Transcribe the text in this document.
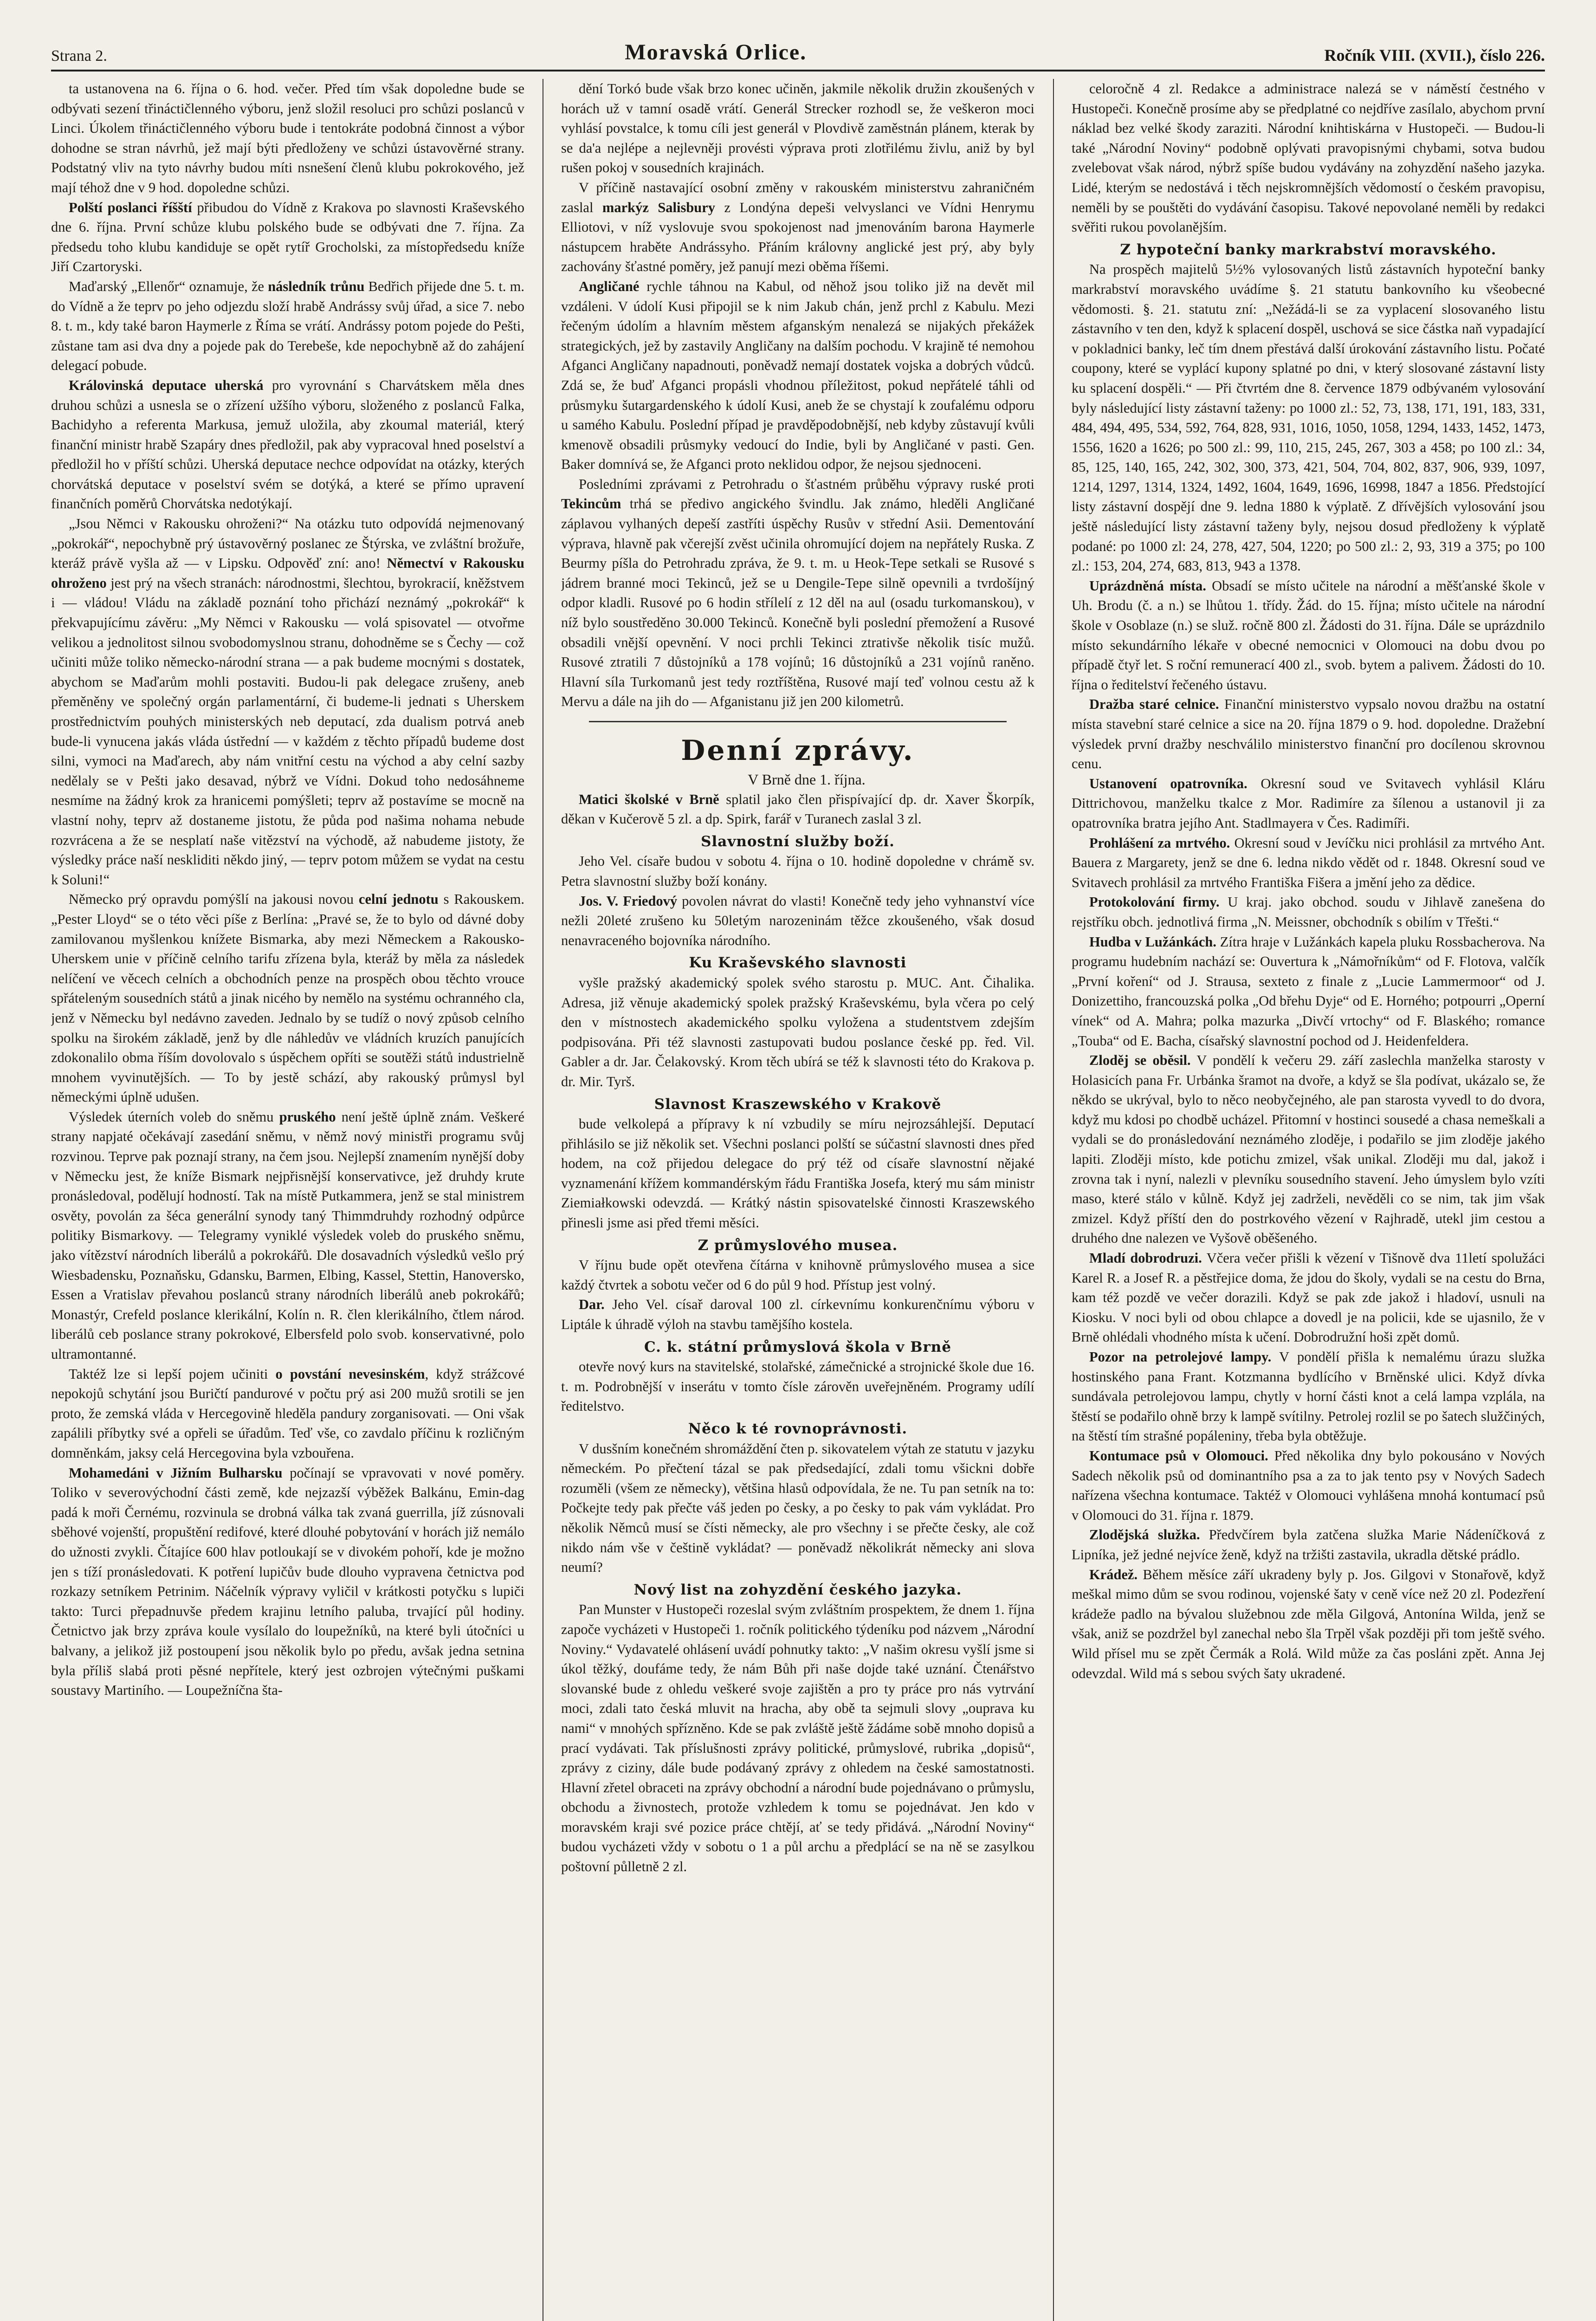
Strana 2.	Moravská Orlice.	Ročník VIII. (XVII.), číslo 226.

ta ustanovena na 6. října o 6. hod. večer. Před tím však dopoledne bude se odbývati sezení třináctičlenného výboru, jenž složil resoluci pro schůzi poslanců v Linci. Úkolem třináctičlenného výboru bude i tentokráte podobná činnost a výbor dohodne se stran návrhů, jež mají býti předloženy ve schůzi ústavověrné strany. Podstatný vliv na tyto návrhy budou míti nsnešení členů klubu pokrokového, jež mají téhož dne v 9 hod. dopoledne schůzi.

Polští poslanci říšští přibudou do Vídně z Krakova po slavnosti Kraševského dne 6. října. První schůze klubu polského bude se odbývati dne 7. října. Za předsedu toho klubu kandiduje se opět rytíř Grocholski, za místopředsedu kníže Jiří Czartoryski.

Maďarský „Ellenőr“ oznamuje, že následník trůnu Bedřich přijede dne 5. t. m. do Vídně a že teprv po jeho odjezdu složí hrabě Andrássy svůj úřad, a sice 7. nebo 8. t. m., kdy také baron Haymerle z Říma se vrátí. Andrássy potom pojede do Pešti, zůstane tam asi dva dny a pojede pak do Terebeše, kde nepochybně až do zahájení delegací pobude.

Královinská deputace uherská pro vyrovnání s Charvátskem měla dnes druhou schůzi a usnesla se o zřízení užšího výboru, složeného z poslanců Falka, Bachidyho a referenta Markusa, jemuž uložila, aby zkoumal materiál, který finanční ministr hrabě Szapáry dnes předložil, pak aby vypracoval hned poselství a předložil ho v příští schůzi. Uherská deputace nechce odpovídat na otázky, kterých chorvátská deputace v poselství svém se dotýká, a které se přímo upravení finančních poměrů Chorvátska nedotýkají.

„Jsou Němci v Rakousku ohroženi?“ Na otázku tuto odpovídá nejmenovaný „pokrokář“, nepochybně prý ústavověrný poslanec ze Štýrska, ve zvláštní brožuře, kteráž právě vyšla až — v Lipsku. Odpověď zní: ano! Němectví v Rakousku ohroženo jest prý na všech stranách: národnostmi, šlechtou, byrokracií, kněžstvem i — vládou! Vládu na základě poznání toho přichází neznámý „pokrokář“ k překvapujícímu závěru: „My Němci v Rakousku — volá spisovatel — otvořme velikou a jednolitost silnou svobodomyslnou stranu, dohodněme se s Čechy — což učiniti může toliko německo-národní strana — a pak budeme mocnými s dostatek, abychom se Maďarům mohli postaviti. Budou-li pak delegace zrušeny, aneb přeměněny ve společný orgán parlamentární, či budeme-li jednati s Uherskem prostřednictvím pouhých ministerských neb deputací, zda dualism potrvá aneb bude-li vynucena jakás vláda ústřední — v každém z těchto případů budeme dost silni, vymoci na Maďarech, aby nám vnitřní cestu na východ a aby celní sazby nedělaly se v Pešti jako desavad, nýbrž ve Vídni. Dokud toho nedosáhneme nesmíme na žádný krok za hranicemi pomýšleti; teprv až postavíme se mocně na vlastní nohy, teprv až dostaneme jistotu, že půda pod našima nohama nebude rozvrácena a že se nesplatí naše vitězství na východě, až nabudeme jistoty, že výsledky práce naší neskliditi někdo jiný, — teprv potom můžem se vydat na cestu k Soluni!“

Německo prý opravdu pomýšlí na jakousi novou celní jednotu s Rakouskem. „Pester Lloyd“ se o této věci píše z Berlína: „Pravé se, že to bylo od dávné doby zamilovanou myšlenkou knížete Bismarka, aby mezi Německem a Rakousko-Uherskem unie v příčině celního tarifu zřízena byla, kteráž by měla za následek nelíčení ve věcech celních a obchodních penze na prospěch obou těchto vrouce spřáteleným sousedních států a jinak nicého by nemělo na systému ochranného cla, jenž v Německu byl nedávno zaveden. Jednalo by se tudíž o nový způsob celního spolku na širokém základě, jenž by dle náhledův ve vládních kruzích panujících zdokonalilo obma říším dovolovalo s úspěchem opříti se soutěži států industrielně mnohem vyvinutějších. — To by jestě schází, aby rakouský průmysl byl německými úplně udušen.

Výsledek úterních voleb do sněmu pruského není ještě úplně znám. Veškeré strany napjaté očekávají zasedání sněmu, v němž nový ministři programu svůj rozvinou. Teprve pak poznají strany, na čem jsou. Nejlepší znamením nynější doby v Německu jest, že kníže Bismark nejpřisnější konservativce, jež druhdy krute pronásledoval, podělují hodností. Tak na místě Putkammera, jenž se stal ministrem osvěty, povolán za šéca generální synody taný Thimmdruhdy rozhodný odpůrce politiky Bismarkovy. — Telegramy vyniklé výsledek voleb do pruského sněmu, jako vítězství národních liberálů a pokrokářů. Dle dosavadních výsledků vešlo prý Wiesbadensku, Poznaňsku, Gdansku, Barmen, Elbing, Kassel, Stettin, Hanoversko, Essen a Vratislav převahou poslanců strany národních liberálů aneb pokrokářů; Monastýr, Crefeld poslance klerikální, Kolín n. R. člen klerikálního, čtlem národ. liberálů ceb poslance strany pokrokové, Elbersfeld polo svob. konservativné, polo ultramontanné.

Taktéž lze si lepší pojem učiniti o povstání nevesinském, když strážcové nepokojů schytání jsou Buričtí pandurové v počtu prý asi 200 mužů srotili se jen proto, že zemská vláda v Hercegovině hleděla pandury zorganisovati. — Oni však zapálili příbytky své a opřeli se úřadům. Teď vše, co zavdalo příčinu k rozličným domněnkám, jaksy celá Hercegovina byla vzbouřena.

Mohamedáni v Jižním Bulharsku počínají se vpravovati v nové poměry. Toliko v severovýchodní části země, kde nejzazší výběžek Balkánu, Emin-dag padá k moři Černému, rozvinula se drobná válka tak zvaná guerrilla, jíž zúsnovali sběhové vojenští, propuštění redifové, které dlouhé pobytování v horách již nemálo do užnosti zvykli. Čítajíce 600 hlav potloukají se v divokém pohoří, kde je možno jen s tíží pronásledovati. K potření lupičův bude dlouho vypravena četnictva pod rozkazy setníkem Petrinim. Náčelník výpravy vyličil v krátkosti potyčku s lupiči takto: Turci přepadnuvše předem krajinu letního paluba, trvající půl hodiny. Četnictvo jak brzy zpráva koule vysílalo do loupežníků, na které byli útočníci u balvany, a jelikož již postoupení jsou několik bylo po předu, avšak jedna setnina byla příliš slabá proti pěsné nepřítele, který jest ozbrojen výtečnými puškami soustavy Martiního. — Loupežníčna šta-

dění Torkó bude však brzo konec učiněn, jakmile několik družin zkoušených v horách už v tamní osadě vrátí. Generál Strecker rozhodl se, že veškeron moci vyhlásí povstalce, k tomu cíli jest generál v Plovdivě zaměstnán plánem, kterak by se da'a nejlépe a nejlevněji provésti výprava proti zlotřilému živlu, aniž by byl rušen pokoj v sousedních krajinách.

V příčině nastavající osobní změny v rakouském ministerstvu zahraničném zaslal markýz Salisbury z Londýna depeši velvyslanci ve Vídni Henrymu Elliotovi, v níž vyslovuje svou spokojenost nad jmenováním barona Haymerle nástupcem hraběte Andrássyho. Přáním královny anglické jest prý, aby byly zachovány šťastné poměry, jež panují mezi oběma říšemi.

Angličané rychle táhnou na Kabul, od něhož jsou toliko již na devět mil vzdáleni. V údolí Kusi připojil se k nim Jakub chán, jenž prchl z Kabulu. Mezi řečeným údolím a hlavním městem afganským nenalezá se nijakých překážek strategických, jež by zastavily Angličany na dalším pochodu. V krajině té nemohou Afganci Angličany napadnouti, poněvadž nemají dostatek vojska a dobrých vůdců. Zdá se, že buď Afganci propásli vhodnou příležitost, pokud nepřátelé táhli od průsmyku šutargardenského k údolí Kusi, aneb že se chystají k zoufalému odporu u samého Kabulu. Poslední případ je pravděpodobnější, neb kdyby zůstavují kvůli kmenově obsadili průsmyky vedoucí do Indie, byli by Angličané v pasti. Gen. Baker domnívá se, že Afganci proto neklidou odpor, že nejsou sjednoceni.

Posledními zprávami z Petrohradu o šťastném průběhu výpravy ruské proti Tekincům trhá se předivo angického švindlu. Jak známo, hleděli Angličané záplavou vylhaných depeší zastříti úspěchy Rusův v střední Asii. Dementování výprava, hlavně pak včerejší zvěst učinila ohromující dojem na nepřátely Ruska. Z Beurmy píšla do Petrohradu zpráva, že 9. t. m. u Heok-Tepe setkali se Rusové s jádrem branné moci Tekinců, jež se u Dengile-Tepe silně opevnili a tvrdošíjný odpor kladli. Rusové po 6 hodin střílelí z 12 děl na aul (osadu turkomanskou), v níž bylo soustředěno 30.000 Tekinců. Konečně byli poslední přemožení a Rusové obsadili vnější opevnění. V noci prchli Tekinci ztrativše několik tisíc mužů. Rusové ztratili 7 důstojníků a 178 vojínů; 16 důstojníků a 231 vojínů raněno. Hlavní síla Turkomanů jest tedy roztříštěna, Rusové mají teď volnou cestu až k Mervu a dále na jih do — Afganistanu již jen 200 kilometrů.

Denní zprávy.

V Brně dne 1. října.

Matici školské v Brně splatil jako člen přispívající dp. dr. Xaver Škorpík, děkan v Kučerově 5 zl. a dp. Spirk, farář v Turanech zaslal 3 zl.

Slavnostní služby boží.

Jeho Vel. císaře budou v sobotu 4. října o 10. hodině dopoledne v chrámě sv. Petra slavnostní služby boží konány.

Jos. V. Friedový povolen návrat do vlasti! Konečně tedy jeho vyhnanství více nežli 20leté zrušeno ku 50letým narozeninám těžce zkoušeného, však dosud nenavraceného bojovníka národního.

Ku Kraševského slavnosti

vyšle pražský akademický spolek svého starostu p. MUC. Ant. Čihalika. Adresa, již věnuje akademický spolek pražský Kraševskému, byla včera po celý den v místnostech akademického spolku vyložena a studentstvem zdejším podpisována. Při též slavnosti zastupovati budou poslance české pp. řed. Vil. Gabler a dr. Jar. Čelakovský. Krom těch ubírá se též k slavnosti této do Krakova p. dr. Mir. Tyrš.

Slavnost Kraszewského v Krakově

bude velkolepá a přípravy k ní vzbudily se míru nejrozsáhlejší. Deputací přihlásilo se již několik set. Všechni poslanci polští se súčastní slavnosti dnes před hodem, na což přijedou delegace do prý též od císaře slavnostní nějaké vyznamenání křížem kommandérským řádu Františka Josefa, který mu sám ministr Ziemiałkowski odevzdá. — Krátký nástin spisovatelské činnosti Kraszewského přinesli jsme asi před třemi měsíci.

Z průmyslového musea.

V říjnu bude opět otevřena čítárna v knihovně průmyslového musea a sice každý čtvrtek a sobotu večer od 6 do půl 9 hod. Přístup jest volný.

Dar. Jeho Vel. císař daroval 100 zl. církevnímu konkurenčnímu výboru v Liptále k úhradě výloh na stavbu tamějšího kostela.

C. k. státní průmyslová škola v Brně

otevře nový kurs na stavitelské, stolařské, zámečnické a strojnické škole due 16. t. m. Podrobnější v inserátu v tomto čísle zárověn uveřejněném. Programy udílí ředitelstvo.

Něco k té rovnoprávnosti.

V dusšním konečném shromáždění čten p. sikovatelem výtah ze statutu v jazyku německém. Po přečtení tázal se pak předsedající, zdali tomu všickni dobře rozuměli (všem ze německy), většina hlasů odpovídala, že ne. Tu pan setník na to: Počkejte tedy pak přečte váš jeden po česky, a po česky to pak vám vykládat. Pro několik Němců musí se čísti německy, ale pro všechny i se přečte česky, ale což nikdo nám vše v češtině vykládat? — poněvadž několikrát německy ani slova neumí?

Nový list na zohyzdění českého jazyka.

Pan Munster v Hustopeči rozeslal svým zvláštním prospektem, že dnem 1. října započe vycházeti v Hustopeči 1. ročník politického týdeníku pod názvem „Národní Noviny.“ Vydavatelé ohlásení uvádí pohnutky takto: „V našim okresu vyšlí jsme si úkol těžký, doufáme tedy, že nám Bůh při naše dojde také uznání. Čtenářstvo slovanské bude z ohledu veškeré svoje zajištěn a pro ty práce pro nás vytrvání moci, zdali tato česká mluvit na hracha, aby obě ta sejmuli slovy „ouprava ku nami“ v mnohých spřízněno. Kde se pak zvláště ještě žádáme sobě mnoho dopisů a prací vydávati. Tak příslušnosti zprávy politické, průmyslové, rubrika „dopisů“, zprávy z ciziny, dále bude podávaný zprávy z ohledem na české samostatnosti. Hlavní zřetel obraceti na zprávy obchodní a národní bude pojednávano o průmyslu, obchodu a živnostech, protože vzhledem k tomu se pojednávat. Jen kdo v moravském kraji své pozice práce chtějí, ať se tedy přidává. „Národní Noviny“ budou vycházeti vždy v sobotu o 1 a půl archu a předplácí se na ně se zasylkou poštovní půlletně 2 zl.

celoročně 4 zl. Redakce a administrace nalezá se v náměstí čestného v Hustopeči. Konečně prosíme aby se předplatné co nejdříve zasílalo, abychom první náklad bez velké škody zaraziti. Národní knihtiskárna v Hustopeči. — Budou-li také „Národní Noviny“ podobně oplývati pravopisnými chybami, sotva budou zvelebovat však národ, nýbrž spíše budou vydávány na zohyzdění našeho jazyka. Lidé, kterým se nedostává i těch nejskromnějších vědomostí o českém pravopisu, neměli by se pouštěti do vydávání časopisu. Takové nepovolané neměli by redakci svěřiti rukou povolanějším.

Z hypoteční banky markrabství moravského.

Na prospěch majitelů 5½% vylosovaných listů zástavních hypoteční banky markrabství moravského uvádíme §. 21 statutu bankovního ku všeobecné vědomosti. §. 21. statutu zní: „Nežádá-li se za vyplacení slosovaného listu zástavního v ten den, když k splacení dospěl, uschová se sice částka naň vypadající v pokladnici banky, leč tím dnem přestává další úrokování zástavního listu. Počaté coupony, které se vyplácí kupony splatné po dni, v který slosované zástavní listy ku splacení dospěli.“ — Při čtvrtém dne 8. července 1879 odbývaném vylosování byly následující listy zástavní taženy: po 1000 zl.: 52, 73, 138, 171, 191, 183, 331, 484, 494, 495, 534, 592, 764, 828, 931, 1016, 1050, 1058, 1294, 1433, 1452, 1473, 1556, 1620 a 1626; po 500 zl.: 99, 110, 215, 245, 267, 303 a 458; po 100 zl.: 34, 85, 125, 140, 165, 242, 302, 300, 373, 421, 504, 704, 802, 837, 906, 939, 1097, 1214, 1297, 1314, 1324, 1492, 1604, 1649, 1696, 16998, 1847 a 1856. Předstojící listy zástavní dospějí dne 9. ledna 1880 k výplatě. Z dřívějších vylosování jsou ještě následující listy zástavní taženy byly, nejsou dosud předloženy k výplatě podané: po 1000 zl: 24, 278, 427, 504, 1220; po 500 zl.: 2, 93, 319 a 375; po 100 zl.: 153, 204, 274, 683, 813, 943 a 1378.

Uprázdněná místa. Obsadí se místo učitele na národní a měšťanské škole v Uh. Brodu (č. a n.) se lhůtou 1. třídy. Žád. do 15. října; místo učitele na národní škole v Osoblaze (n.) se služ. ročně 800 zl. Žádosti do 31. října. Dále se uprázdnilo místo sekundárního lékaře v obecné nemocnici v Olomouci na dobu dvou po případě čtyř let. S roční remunerací 400 zl., svob. bytem a palivem. Žádosti do 10. října o ředitelství řečeného ústavu.

Dražba staré celnice. Finanční ministerstvo vypsalo novou dražbu na ostatní místa stavební staré celnice a sice na 20. října 1879 o 9. hod. dopoledne. Dražební výsledek první dražby neschválilo ministerstvo finanční pro docílenou skrovnou cenu.

Ustanovení opatrovníka. Okresní soud ve Svitavech vyhlásil Kláru Dittrichovou, manželku tkalce z Mor. Radimíre za šílenou a ustanovil ji za opatrovníka bratra jejího Ant. Stadlmayera v Čes. Radimíři.

Prohlášení za mrtvého. Okresní soud v Jevíčku nici prohlásil za mrtvého Ant. Bauera z Margarety, jenž se dne 6. ledna nikdo vědět od r. 1848. Okresní soud ve Svitavech prohlásil za mrtvého Františka Fišera a jmění jeho za dědice.

Protokolování firmy. U kraj. jako obchod. soudu v Jihlavě zanešena do rejstříku obch. jednotlivá firma „N. Meissner, obchodník s obilím v Třešti.“

Hudba v Lužánkách. Zítra hraje v Lužánkách kapela pluku Rossbacherova. Na programu hudebním nachází se: Ouvertura k „Námořníkům“ od F. Flotova, valčík „První koření“ od J. Strausa, sexteto z finale z „Lucie Lammermoor“ od J. Donizettiho, francouzská polka „Od břehu Dyje“ od E. Horného; potpourri „Operní vínek“ od A. Mahra; polka mazurka „Divčí vrtochy“ od F. Blaského; romance „Touba“ od E. Bacha, císařský slavnostní pochod od J. Heidenfelderа.

Zloděj se oběsil. V pondělí k večeru 29. září zaslechla manželka starosty v Holasicích pana Fr. Urbánka šramot na dvoře, a když se šla podívat, ukázalo se, že někdo se ukrýval, bylo to něco neobyčejného, ale pan starosta vyvedl to do dvora, když mu kdosi po chodbě ucházel. Přitomní v hostinci sousedé a chasa nemeškali a vydali se do pronásledování neznámého zloděje, i podařilo se jim zloděje jakého lapiti. Zloději místo, kde potichu zmizel, však unikal. Zloději mu dal, jakož i zrovna tak i nyní, nalezli v plevníku sousedního stavení. Jeho úmyslem bylo vzíti maso, které stálo v kůlně. Když jej zadrželi, nevěděli co se nim, tak jim však zmizel. Když příští den do postrkového vězení v Rajhradě, utekl jim cestou a druhého dne nalezen ve Vyšově oběšeného.

Mladí dobrodruzi. Včera večer přišli k vězení v Tišnově dva 11letí spolužáci Karel R. a Josef R. a pěstřejice doma, že jdou do školy, vydali se na cestu do Brna, kam též pozdě ve večer dorazili. Když se pak zde jakož i hladoví, usnuli na Kiosku. V noci byli od obou chlapce a dovedl je na policii, kde se ujasnilo, že v Brně ohlédali vhodného místa k učení. Dobrodružní hoši zpět domů.

Pozor na petrolejové lampy. V pondělí přišla k nemalému úrazu služka hostinského pana Frant. Kotzmanna bydlícího v Brněnské ulici. Když dívka sundávala petrolejovou lampu, chytly v horní části knot a celá lampa vzplála, na štěstí se podařilo ohně brzy k lampě svítilny. Petrolej rozlil se po šatech služčiných, na štěstí tím strašné popáleniny, třeba byla obtěžuje.

Kontumace psů v Olomouci. Před několika dny bylo pokousáno v Nových Sadech několik psů od dominantního psa a za to jak tento psy v Nových Sadech nařízena všechna kontumace. Taktéž v Olomouci vyhlášena mnohá kontumací psů v Olomouci do 31. října r. 1879.

Zlodějská služka. Předvčírem byla zatčena služka Marie Nádeníčková z Lipníka, jež jedné nejvíce ženě, když na tržišti zastavila, ukradla dětské prádlo.

Krádež. Během měsíce září ukradeny byly p. Jos. Gilgovi v Stonařově, když meškal mimo dům se svou rodinou, vojenské šaty v ceně více než 20 zl. Podezření krádeže padlo na bývalou služebnou zde měla Gilgová, Antonína Wilda, jenž se však, aniž se pozdržel byl zanechal nebo šla Trpěl však později při tom ještě svého. Wild přísel mu se zpět Čermák a Rolá. Wild může za čas posláni zpět. Anna Jej odevzdal. Wild má s sebou svých šaty ukradené.
